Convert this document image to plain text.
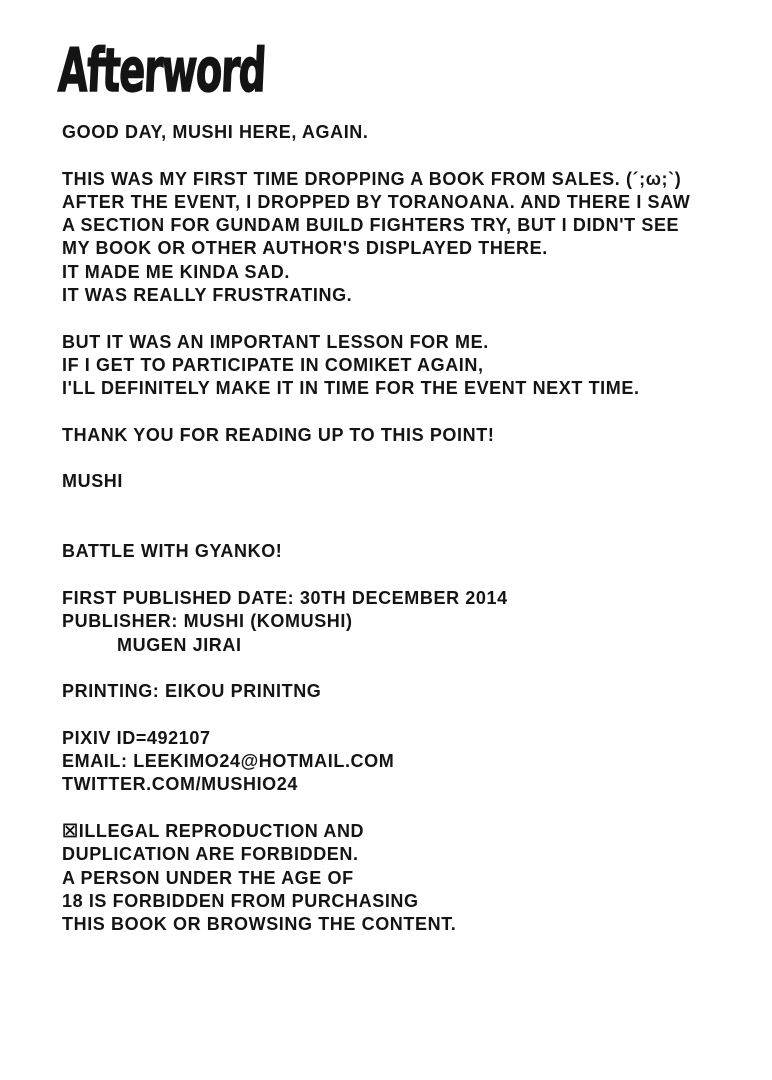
Afterword
GOOD DAY, MUSHI HERE, AGAIN.

THIS WAS MY FIRST TIME DROPPING A BOOK FROM SALES. (´;ω;`)
AFTER THE EVENT, I DROPPED BY TORANOANA. AND THERE I SAW
A SECTION FOR GUNDAM BUILD FIGHTERS TRY, BUT I DIDN'T SEE
MY BOOK OR OTHER AUTHOR'S DISPLAYED THERE.
IT MADE ME KINDA SAD.
IT WAS REALLY FRUSTRATING.

BUT IT WAS AN IMPORTANT LESSON FOR ME.
IF I GET TO PARTICIPATE IN COMIKET AGAIN,
I'LL DEFINITELY MAKE IT IN TIME FOR THE EVENT NEXT TIME.

THANK YOU FOR READING UP TO THIS POINT!

MUSHI

BATTLE WITH GYANKO!

FIRST PUBLISHED DATE: 30TH DECEMBER 2014
PUBLISHER: MUSHI (KOMUSHI)
MUGEN JIRAI

PRINTING: EIKOU PRINITNG

PIXIV ID=492107
EMAIL: LEEKIMO24@HOTMAIL.COM
TWITTER.COM/MUSHIO24

☒ILLEGAL REPRODUCTION AND
DUPLICATION ARE FORBIDDEN.
A PERSON UNDER THE AGE OF
18 IS FORBIDDEN FROM PURCHASING
THIS BOOK OR BROWSING THE CONTENT.
